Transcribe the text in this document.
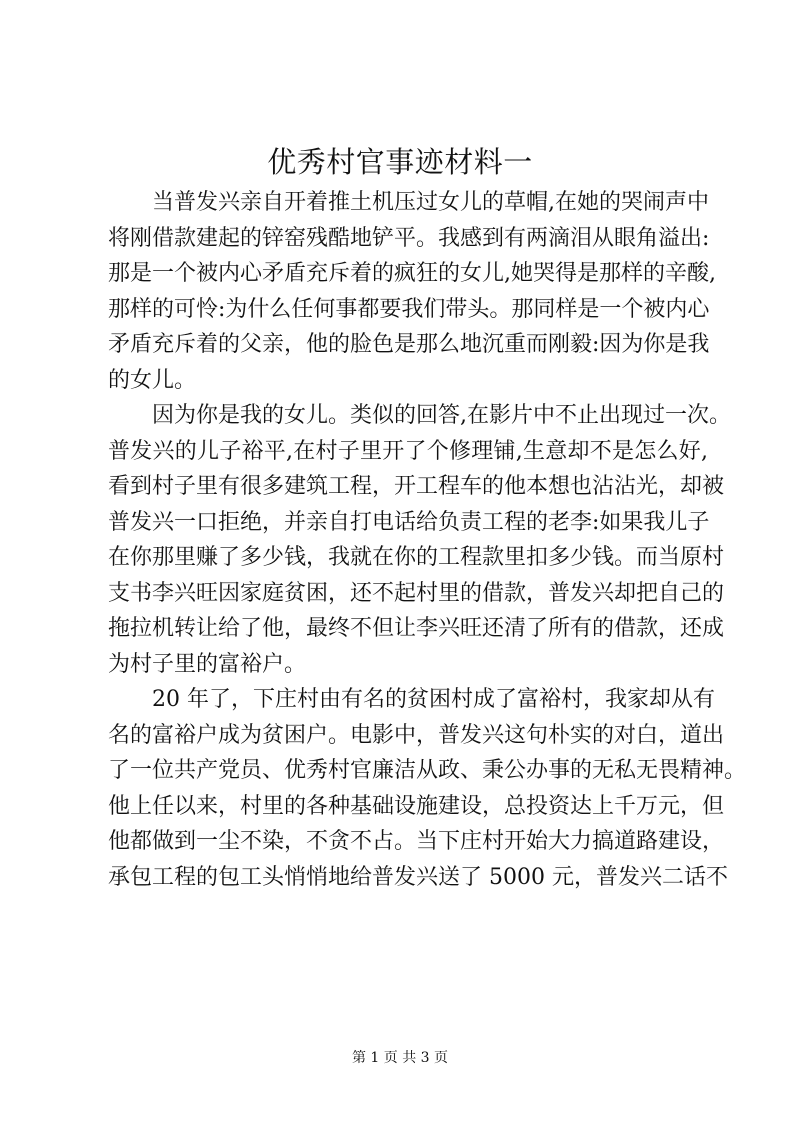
优秀村官事迹材料一
当普发兴亲自开着推土机压过女儿的草帽,在她的哭闹声中
将刚借款建起的锌窑残酷地铲平。我感到有两滴泪从眼角溢出:
那是一个被内心矛盾充斥着的疯狂的女儿,她哭得是那样的辛酸,
那样的可怜:为什么任何事都要我们带头。那同样是一个被内心
矛盾充斥着的父亲，他的脸色是那么地沉重而刚毅:因为你是我
的女儿。
因为你是我的女儿。类似的回答,在影片中不止出现过一次。
普发兴的儿子裕平,在村子里开了个修理铺,生意却不是怎么好,
看到村子里有很多建筑工程，开工程车的他本想也沾沾光，却被
普发兴一口拒绝，并亲自打电话给负责工程的老李:如果我儿子
在你那里赚了多少钱，我就在你的工程款里扣多少钱。而当原村
支书李兴旺因家庭贫困，还不起村里的借款，普发兴却把自己的
拖拉机转让给了他，最终不但让李兴旺还清了所有的借款，还成
为村子里的富裕户。
20 年了，下庄村由有名的贫困村成了富裕村，我家却从有
名的富裕户成为贫困户。电影中，普发兴这句朴实的对白，道出
了一位共产党员、优秀村官廉洁从政、秉公办事的无私无畏精神。
他上任以来，村里的各种基础设施建设，总投资达上千万元，但
他都做到一尘不染，不贪不占。当下庄村开始大力搞道路建设，
承包工程的包工头悄悄地给普发兴送了 5000 元，普发兴二话不
第 1 页 共 3 页
